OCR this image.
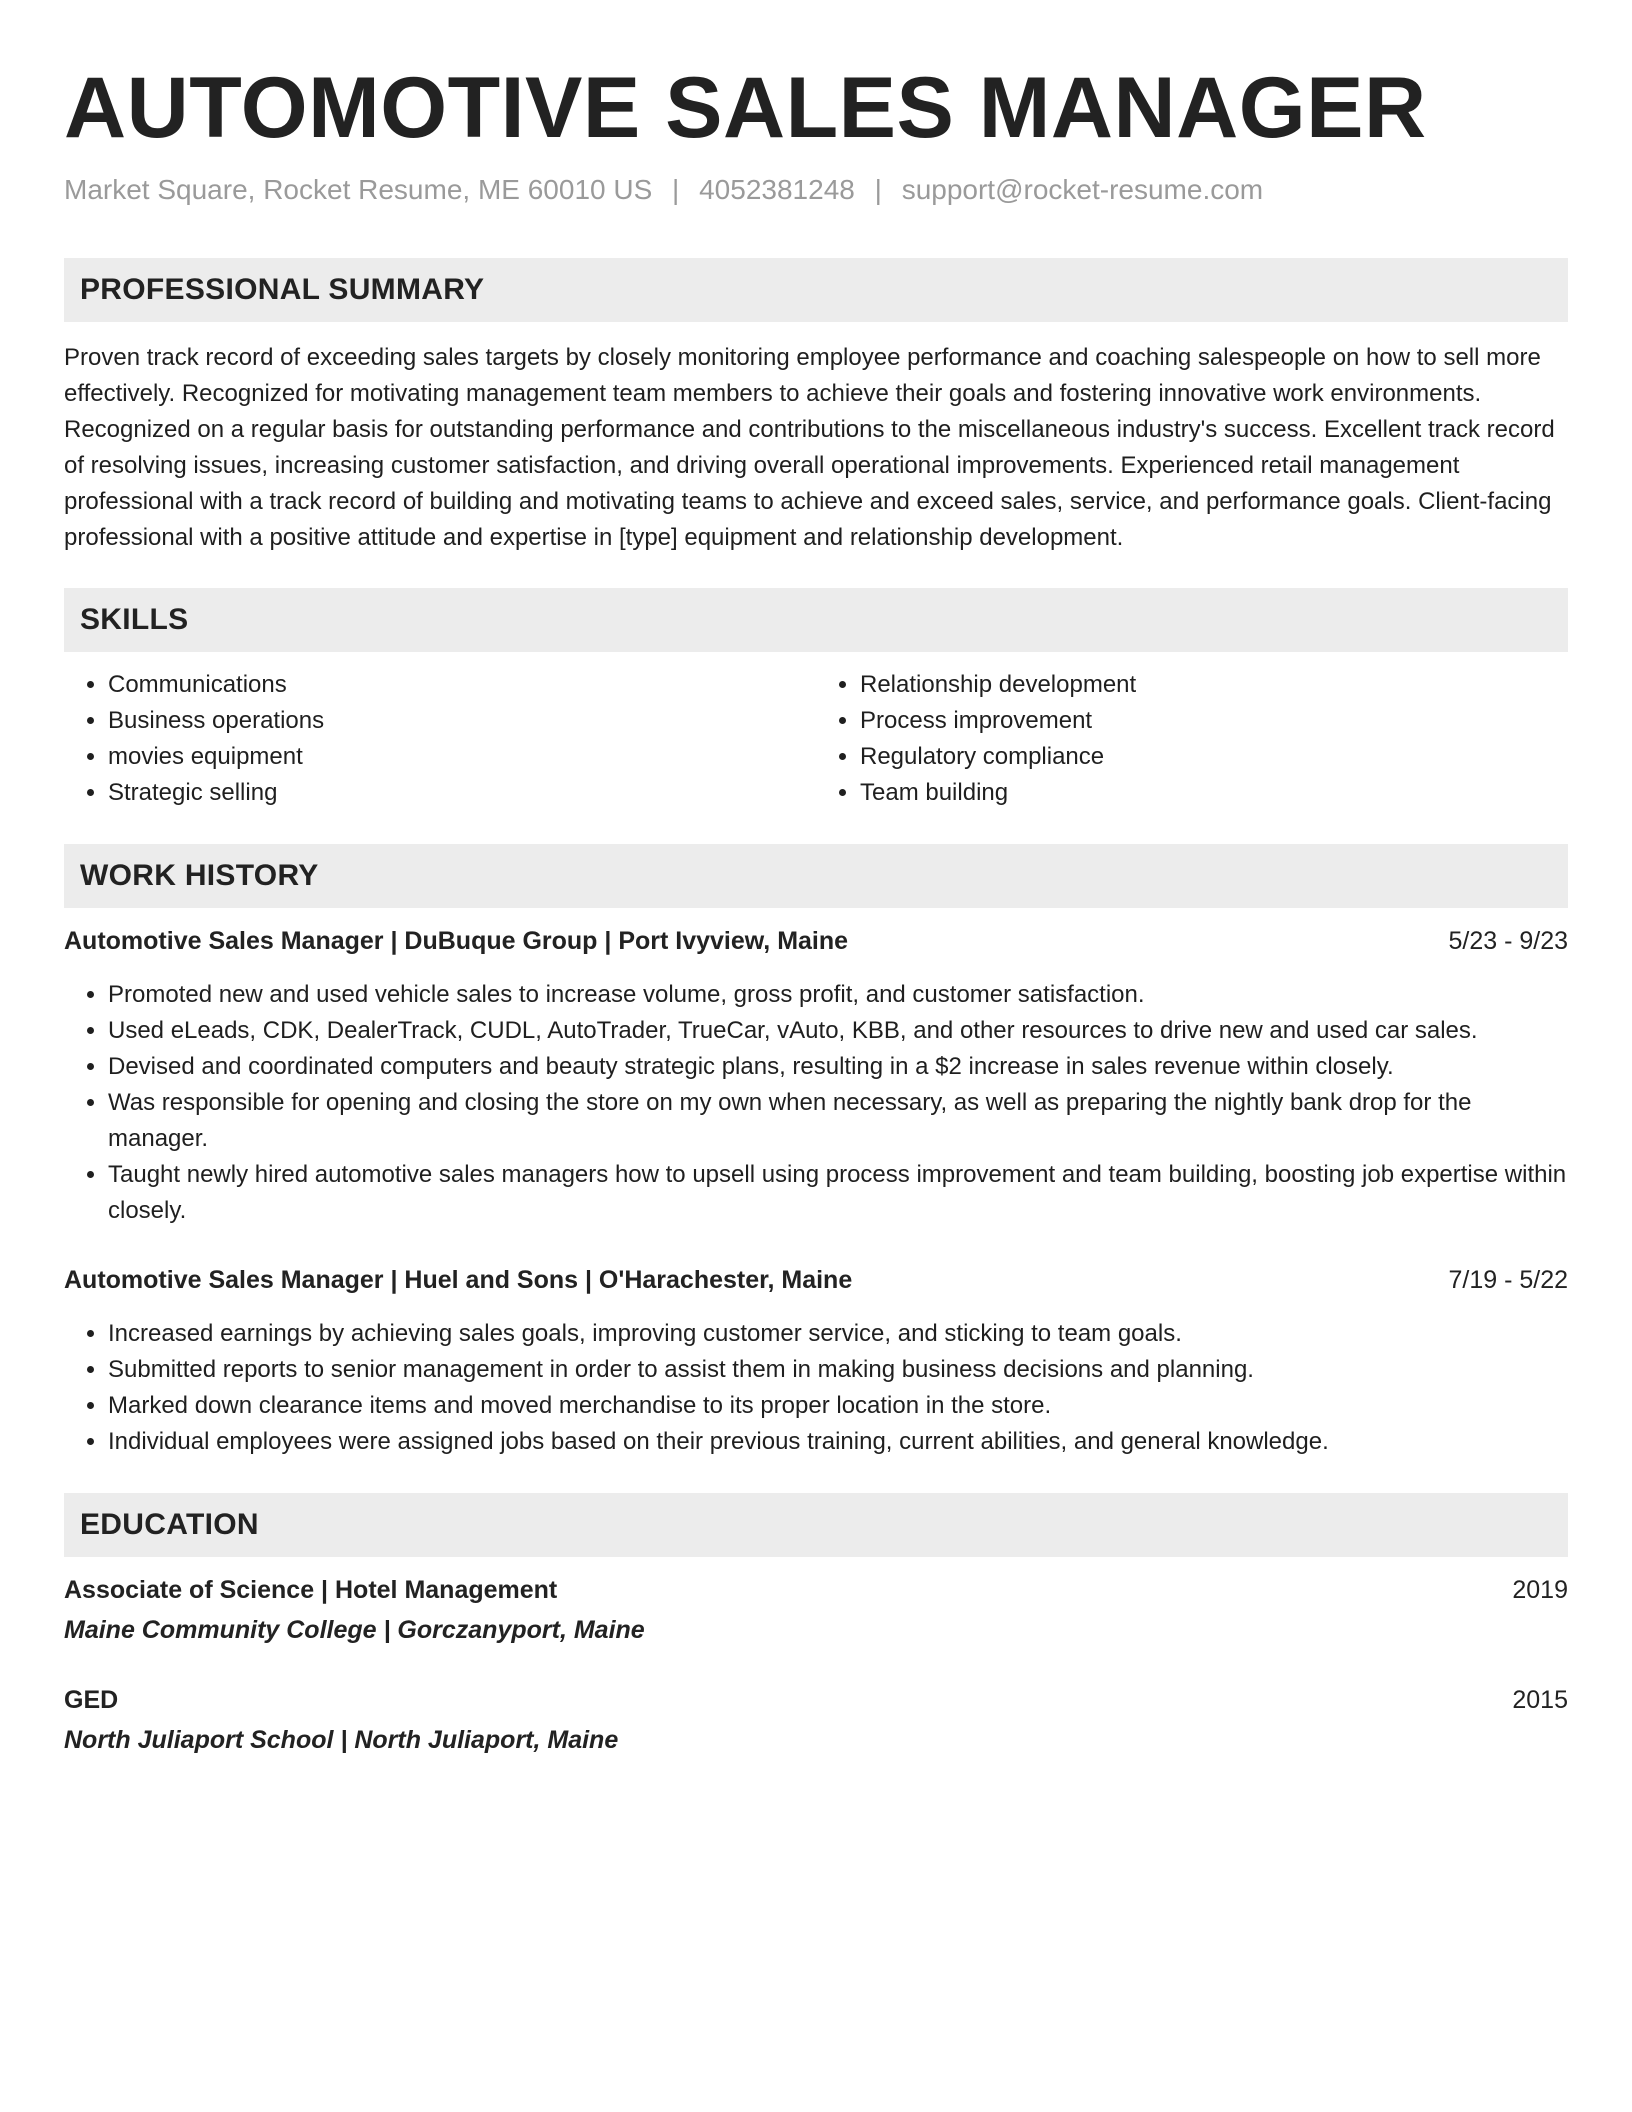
AUTOMOTIVE SALES MANAGER
Market Square, Rocket Resume, ME 60010 US | 4052381248 | support@rocket-resume.com
PROFESSIONAL SUMMARY

Proven track record of exceeding sales targets by closely monitoring employee performance and coaching salespeople on how to sell more effectively. Recognized for motivating management team members to achieve their goals and fostering innovative work environments. Recognized on a regular basis for outstanding performance and contributions to the miscellaneous industry's success. Excellent track record of resolving issues, increasing customer satisfaction, and driving overall operational improvements. Experienced retail management professional with a track record of building and motivating teams to achieve and exceed sales, service, and performance goals. Client-facing professional with a positive attitude and expertise in [type] equipment and relationship development.

SKILLS
• Communications
• Business operations
• movies equipment
• Strategic selling
• Relationship development
• Process improvement
• Regulatory compliance
• Team building
WORK HISTORY
Automotive Sales Manager | DuBuque Group | Port Ivyview, Maine	5/23 - 9/23
• Promoted new and used vehicle sales to increase volume, gross profit, and customer satisfaction.
• Used eLeads, CDK, DealerTrack, CUDL, AutoTrader, TrueCar, vAuto, KBB, and other resources to drive new and used car sales.
• Devised and coordinated computers and beauty strategic plans, resulting in a $2 increase in sales revenue within closely.
• Was responsible for opening and closing the store on my own when necessary, as well as preparing the nightly bank drop for the manager.
• Taught newly hired automotive sales managers how to upsell using process improvement and team building, boosting job expertise within closely.
Automotive Sales Manager | Huel and Sons | O'Harachester, Maine	7/19 - 5/22
• Increased earnings by achieving sales goals, improving customer service, and sticking to team goals.
• Submitted reports to senior management in order to assist them in making business decisions and planning.
• Marked down clearance items and moved merchandise to its proper location in the store.
• Individual employees were assigned jobs based on their previous training, current abilities, and general knowledge.
EDUCATION
Associate of Science | Hotel Management	2019
Maine Community College | Gorczanyport, Maine
GED	2015
North Juliaport School | North Juliaport, Maine
